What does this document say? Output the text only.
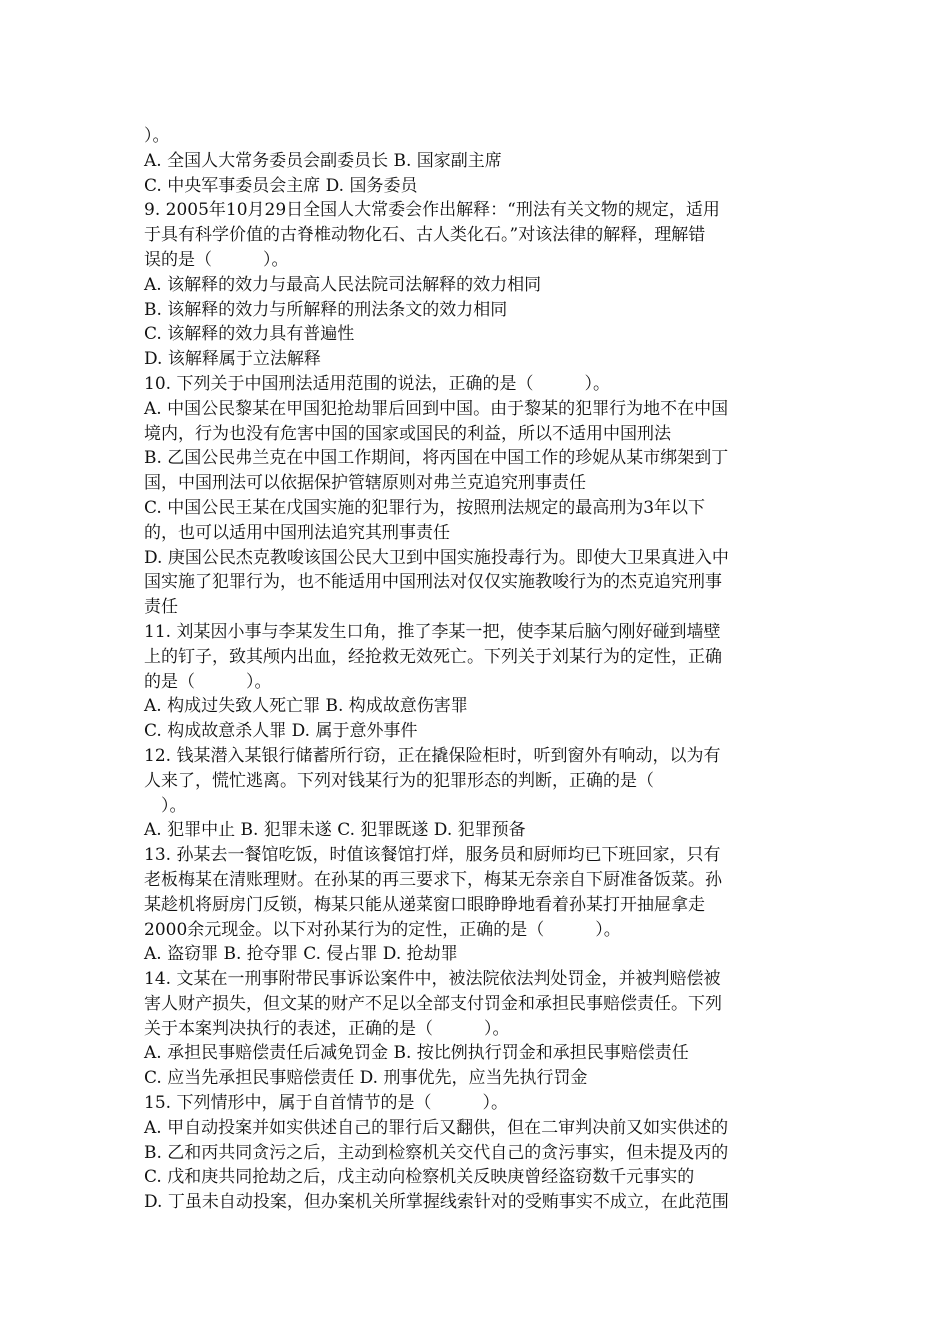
）。
A. 全国人大常务委员会副委员长 B. 国家副主席
C. 中央军事委员会主席 D. 国务委员
9. 2005年10月29日全国人大常委会作出解释：“刑法有关文物的规定，适用
于具有科学价值的古脊椎动物化石、古人类化石。”对该法律的解释，理解错
误的是（　　　）。
A. 该解释的效力与最高人民法院司法解释的效力相同
B. 该解释的效力与所解释的刑法条文的效力相同
C. 该解释的效力具有普遍性
D. 该解释属于立法解释
10. 下列关于中国刑法适用范围的说法，正确的是（　　　）。
A. 中国公民黎某在甲国犯抢劫罪后回到中国。由于黎某的犯罪行为地不在中国
境内，行为也没有危害中国的国家或国民的利益，所以不适用中国刑法
B. 乙国公民弗兰克在中国工作期间，将丙国在中国工作的珍妮从某市绑架到丁
国，中国刑法可以依据保护管辖原则对弗兰克追究刑事责任
C. 中国公民王某在戊国实施的犯罪行为，按照刑法规定的最高刑为3年以下
的，也可以适用中国刑法追究其刑事责任
D. 庚国公民杰克教唆该国公民大卫到中国实施投毒行为。即使大卫果真进入中
国实施了犯罪行为，也不能适用中国刑法对仅仅实施教唆行为的杰克追究刑事
责任
11. 刘某因小事与李某发生口角，推了李某一把，使李某后脑勺刚好碰到墙壁
上的钉子，致其颅内出血，经抢救无效死亡。下列关于刘某行为的定性，正确
的是（　　　）。
A. 构成过失致人死亡罪 B. 构成故意伤害罪
C. 构成故意杀人罪 D. 属于意外事件
12. 钱某潜入某银行储蓄所行窃，正在撬保险柜时，听到窗外有响动，以为有
人来了，慌忙逃离。下列对钱某行为的犯罪形态的判断，正确的是（
　）。
A. 犯罪中止 B. 犯罪未遂 C. 犯罪既遂 D. 犯罪预备
13. 孙某去一餐馆吃饭，时值该餐馆打烊，服务员和厨师均已下班回家，只有
老板梅某在清账理财。在孙某的再三要求下，梅某无奈亲自下厨准备饭菜。孙
某趁机将厨房门反锁，梅某只能从递菜窗口眼睁睁地看着孙某打开抽屉拿走
2000余元现金。以下对孙某行为的定性，正确的是（　　　）。
A. 盗窃罪 B. 抢夺罪 C. 侵占罪 D. 抢劫罪
14. 文某在一刑事附带民事诉讼案件中，被法院依法判处罚金，并被判赔偿被
害人财产损失，但文某的财产不足以全部支付罚金和承担民事赔偿责任。下列
关于本案判决执行的表述，正确的是（　　　）。
A. 承担民事赔偿责任后减免罚金 B. 按比例执行罚金和承担民事赔偿责任
C. 应当先承担民事赔偿责任 D. 刑事优先，应当先执行罚金
15. 下列情形中，属于自首情节的是（　　　）。
A. 甲自动投案并如实供述自己的罪行后又翻供，但在二审判决前又如实供述的
B. 乙和丙共同贪污之后，主动到检察机关交代自己的贪污事实，但未提及丙的
C. 戊和庚共同抢劫之后，戊主动向检察机关反映庚曾经盗窃数千元事实的
D. 丁虽未自动投案，但办案机关所掌握线索针对的受贿事实不成立，在此范围
